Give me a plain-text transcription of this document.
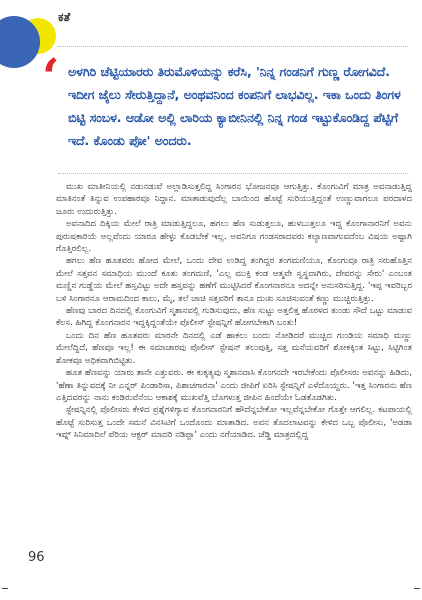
ಕತೆ
‘ ಅಳಗಿರಿ ಚೆಟ್ಟಿಯಾರರು ತಿರುಮೊಳಿಯನ್ನು ಕರೆಸಿ, 'ನಿನ್ನ ಗಂಡನಿಗೆ ಗುಣ್ಣ ರೋಗವಿದೆ. ಇದೀಗ ಜೈಲು ಸೇರುತ್ತಿದ್ದಾನೆ, ಅಂಥವನಿಂದ ಕಂಪನಿಗೆ ಲಾಭವಿಲ್ಲ. ಇಕಾ ಒಂದು ತಿಂಗಳ ಬಿಟ್ಟಿ ಸಂಬಳ. ಆಡೋ ಅಲ್ಲಿ ಲಾರಿಯ ಕ್ಯಾಬೀನಿನಲ್ಲಿ ನಿನ್ನ ಗಂಡ ಇಟ್ಟುಕೊಂಡಿದ್ದ ಪೆಟ್ಟಿಗೆ ಇದೆ. ಕೊಂಡು ಪೋ' ಅಂದರು.

ಮುಖ ಮಾತೀನಿಯಲ್ಲಿ ನಡುನಡುವೆ ಅಲ್ಲಾಡಿಸುತ್ತಲಿದ್ದ ಸಿಂಗಾರನ ಭೋಜನವೂ ಆಗುತ್ತಿತ್ತು. ಕೊಂಗುವಿಗೆ ಮಾತ್ರ ಅವನಾಡುತ್ತಿದ್ದ ಮಾತಿನಂತೆ ತಿನ್ನುವ ಉಪಹಾರವೂ ನಿದ್ದಾನ. ಮಾತಾಡುವುದೆಲ್ಲ ಬಾಯಿಂದ ಹೊಟ್ಟೆ ಸುರಿಯುತ್ತಿದ್ದಂತೆ ಉಣ್ಣುವಾಗಲೂ ಪರದಾಳದ ಜೂರು ಉದುರುತ್ತಿತ್ತು.

ಅವನಾದಿದ ದಿಕ್ಕಿಯ ಮೇಲೆ ರಾತ್ರಿ ಮಾಡುತ್ತಿದ್ದಲೂ, ಹಗಲು ಹೆಣ ಸುಡುತ್ತಲೂ, ಹುಳಬುತ್ತಲೂ ಇದ್ದ ಕೊಂಗಾನಾರನಿಗೆ ಅವನು ಪುರುಷಕಾರಿಯೆ ಅಲ್ಲವೆಂದು ಯಾರೂ ಹೇಳ್ಳು ಕೊಡಬೇಕೆ ಇಲ್ಲ. ಅವನಿಗೂ ಗಂಡಸರಾದವರು ಕಲ್ಯಾಣವಾಗುವದೆಂಬ ವಿಷಯ ಅಷ್ಟಾಗಿ ಗೊತ್ತಿರಲಿಲ್ಲ.

ಹಗಲು ಹೆಣ ಹೂತವರು ಹೋದ ಮೇಲೆ, ಒಂದು ದೇವ ಉಡಿದ್ದ ತಂಗಿದ್ದರ ತಂಗಮಣಿಯೂ, ಕೊಂಗುವೂ ರಾತ್ರಿ ಸರುಹೊತ್ತಿನ ಮೇಲೆ ಸತ್ತವನ ಸಮಾಧಿಯ ಮುಂದೆ ಕೂತು ತಂಗಮಣಿ, 'ಎಲ್ಲ ಮುಕ್ತಿ ಕಂಡ ಆತ್ಮವೇ ಸ್ವಸ್ಥವಾಗಿರು, ದೇವರನ್ನು ಸೇರು' ಎಂಬಂತ ಮಣ್ಣಿನ ಗುಡ್ಡೆಯ ಮೇಲೆ ಹಸ್ತವಿಟ್ಟು ಅದೇ ಹಸ್ತವನ್ನು ಹಣೆಗೆ ಮುಟ್ಟಿಸಿದರೆ ಕೊಂಗನಾರನೂ ಅದನ್ನೇ ಅನುಸರಿಸುತ್ತಿದ್ದ. 'ಇಪ್ಪ ಇವರಿಬ್ಬರ ಬಳಿ ಸಿಂಗಾರನೂ ಆರಾಮದಿಂದ ಕಾಲು, ಮೈ, ತಲೆ ಚಾಚಿ ಸತ್ತವರಿಗೆ ತಾನೂ ದುಃಖ ಸೂಚಿಸುವಂತೆ ಕಣ್ಣು ಮುಚ್ಚಿರುತ್ತಿತ್ತು.

ಹೆಣವು ಬಾರದ ದಿನದಲ್ಲಿ ಕೊಂಗುವಿಗೆ ಸ್ಮಶಾನವಲ್ಲಿ ಗುಡಿಸುವುದು, ಹೆಣ ಸುಟ್ಟು ಅತ್ತಲಿತ್ತ ಹೊರಳದ ತುಂಡು ಸೌದೆ ಒಟ್ಟು ಮಾಡುವ ಕೆಲಸ. ಹಿಗಿದ್ದ ಕೊಂಗನಾರನ ಇದ್ದಕ್ಕಿದ್ದಂತೆಯೇ ಪೊಲೀಸ್ ಸ್ಟೇಷನ್ನಿಗೆ ಹೋಗಬೇಕಾಗಿ ಬಂತು!

ಒಂದು ದಿನ ಹೆಣ ಹೂತವರು ಮಾರನೇ ದಿನದಲ್ಲಿ ಎಡೆ ಹಾಕಲು ಬಂದು ನೋಡಿದರೆ ಮುಚ್ಚಿದ ಗುಂಡಿಯ ಸಮಾಧಿ ಮಣ್ಣು ಮೇಲೆದ್ದಿದೆ, ಹೆಣವೂ ಇಲ್ಲ! ಈ ಸಮಾಚಾರವು ಪೊಲೀಸ್ ಸ್ಟೇಷನ್ ತಲುಪುತ್ತಿ, ಸತ್ತ ಮನೆಯವರಿಗೆ ಶೋಕಕ್ಕಿಂತ ಸಿಟ್ಟು, ಸಿಟ್ಟಿಗಿಂತ ಶೋಕವೂ ಅಧಿಕವಾಗಿಬಿಟ್ಟಿತು.

ಹೂತ ಹೆಣವನ್ನು ಯಾರು ತಾನೇ ಎತ್ತುವರು. ಈ ಕುಕೃತ್ಯವು ಸ್ಮಶಾನವಾಸಿ ಕೊಂಗನದೇ ಇರಬೇಕೆಂದು ಪೊಲೀಸರು ಅವನನ್ನು ಹಿಡಿದು, 'ಹೆಣಾ ತಿನ್ನುವದಕ್ಕೆ ನೀ ಎನ್ನರ್ ಪಿಂಡಾರಿಸಾ, ಪಿಶಾಚಗಾರನಾ' ಎಂದು ಜೀಪಿಗೆ ಏರಿಸಿ ಸ್ಟೇಷನ್ನಿಗೆ ಎಳೆದೊಯ್ದರು. 'ಇತ್ತ ಸಿಂಗಾರನು ಹೆಣ ಎತ್ತಿದವರನ್ನು ನಾನು ಕಂಡಿರುವೆನೆಂಬ ಆಕಾಶಕ್ಕೆ ಮುಖವೆತ್ತಿ ಬೊಗಳುತ್ತ ಜೀಪಿನ ಹಿಂದೆಯೇ ಓಡತೊಡಗಿತು.

ಸ್ಟೇಷನ್ನಿನಲ್ಲಿ ಪೊಲೀಸರು ಕೇಳಿದ ಪ್ರಶ್ನೆಗಳಿಗ್ಯಾವ ಕೊಂಗನಾರನಿಗೆ ಹೌದೆನ್ನಬೇಕೋ ಇಲ್ಲವೆನ್ನಬೇಕೋ ಗೊತ್ತೇ ಆಗಲಿಲ್ಲ. ಕಟಪಾಯಲ್ಲಿ ಹೊಟ್ಟೆ ಸುರಿಸುತ್ತ ಒಂದೇ ಸಮನೆ ವಿನಸಿಟಿಗೆ ಒಂದೊಂದು ಮಾತಾಡಿದ. ಅವನ ತೊದಲಾಟವನ್ನು ಕೇಳಿದ ಒಬ್ಬ ಪೊಲೀಸು, 'ಅಡಡಾ ಇವ್ನ್ ಸಿನಿಮಾದಿಲೆ ಪೆರಿಯ ಆಕ್ಟರ್ ಮಾದರಿ ನಡಿಪ್ಪಾ' ಎಂದು ನಗೆಯಾಡಿದ. ಚೆಡ್ಡಿ ಮಾತ್ರದಲ್ಲಿದ್ದ

96
